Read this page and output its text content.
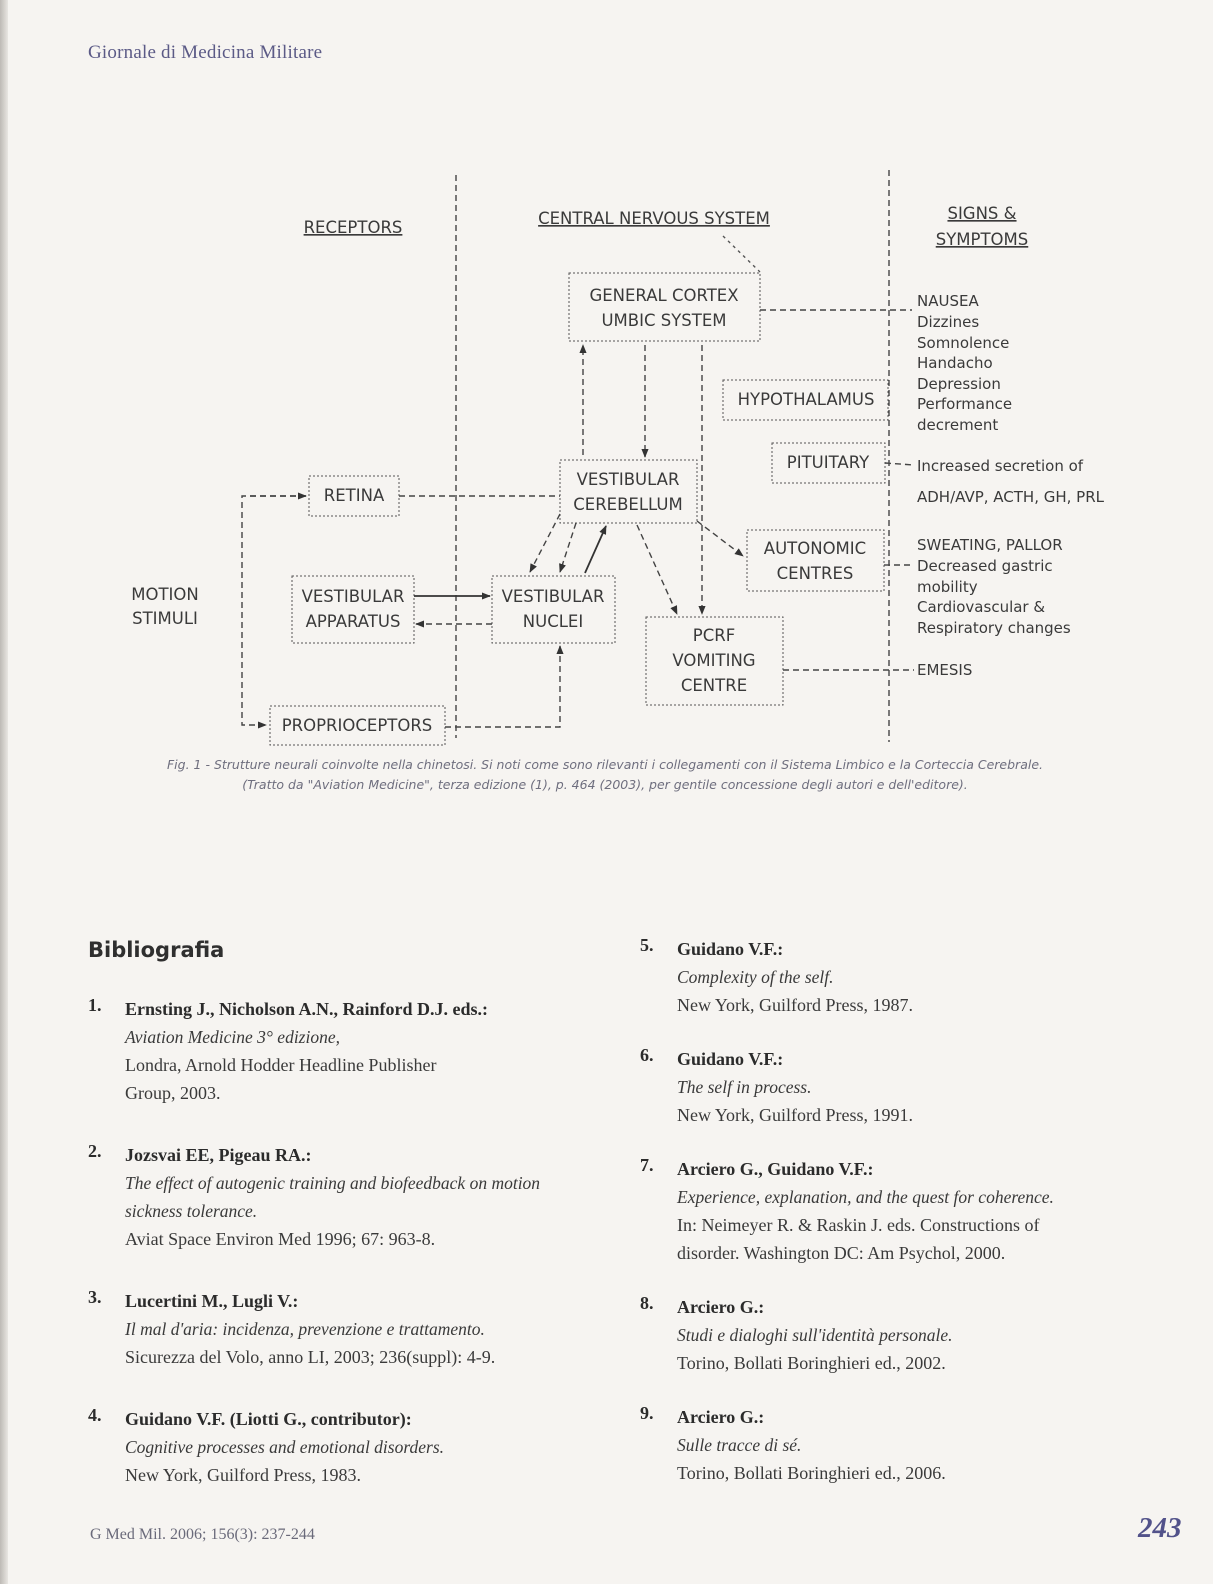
Giornale di Medicina Militare
RECEPTORS	CENTRAL NERVOUS SYSTEM	SIGNS &
SYMPTOMS
GENERAL CORTEX
UMBIC SYSTEM
HYPOTHALAMUS
PITUITARY
VESTIBULAR
CEREBELLUM
RETINA
AUTONOMIC
CENTRES
VESTIBULAR
APPARATUS
VESTIBULAR
NUCLEI
PCRF
VOMITING
CENTRE
PROPRIOCEPTORS
MOTION
STIMULI
NAUSEA
Dizzines
Somnolence
Handacho
Depression
Performance
decrement
Increased secretion of
ADH/AVP, ACTH, GH, PRL
SWEATING, PALLOR
Decreased gastric
mobility
Cardiovascular &
Respiratory changes
EMESIS
Fig. 1 - Strutture neurali coinvolte nella chinetosi. Si noti come sono rilevanti i collegamenti con il Sistema Limbico e la Corteccia Cerebrale.
(Tratto da "Aviation Medicine", terza edizione (1), p. 464 (2003), per gentile concessione degli autori e dell'editore).
Bibliografia
1. Ernsting J., Nicholson A.N., Rainford D.J. eds.:
Aviation Medicine 3° edizione,
Londra, Arnold Hodder Headline Publisher
Group, 2003.
2. Jozsvai EE, Pigeau RA.:
The effect of autogenic training and biofeedback on motion sickness tolerance.
Aviat Space Environ Med 1996; 67: 963-8.
3. Lucertini M., Lugli V.:
Il mal d'aria: incidenza, prevenzione e trattamento.
Sicurezza del Volo, anno LI, 2003; 236(suppl): 4-9.
4. Guidano V.F. (Liotti G., contributor):
Cognitive processes and emotional disorders.
New York, Guilford Press, 1983.
5. Guidano V.F.:
Complexity of the self.
New York, Guilford Press, 1987.
6. Guidano V.F.:
The self in process.
New York, Guilford Press, 1991.
7. Arciero G., Guidano V.F.:
Experience, explanation, and the quest for coherence.
In: Neimeyer R. & Raskin J. eds. Constructions of
disorder. Washington DC: Am Psychol, 2000.
8. Arciero G.:
Studi e dialoghi sull'identità personale.
Torino, Bollati Boringhieri ed., 2002.
9. Arciero G.:
Sulle tracce di sé.
Torino, Bollati Boringhieri ed., 2006.
G Med Mil. 2006; 156(3): 237-244	243
